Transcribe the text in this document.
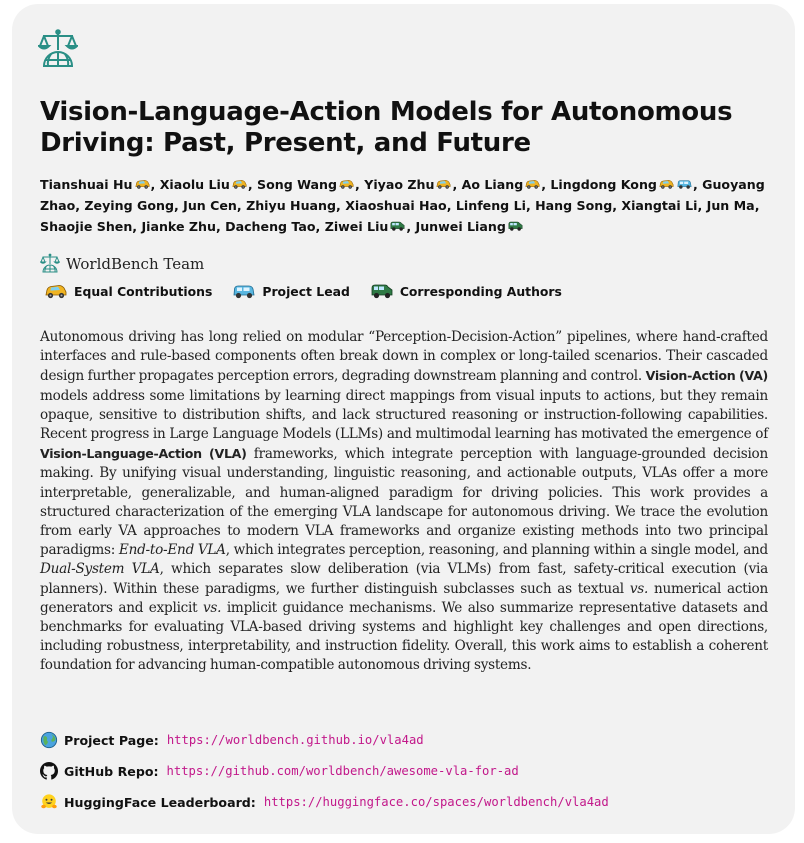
Vision-Language-Action Models for Autonomous Driving: Past, Present, and Future
Tianshuai Hu , Xiaolu Liu , Song Wang , Yiyao Zhu , Ao Liang , Lingdong Kong	, Guoyang Zhao, Zeying Gong, Jun Cen, Zhiyu Huang, Xiaoshuai Hao, Linfeng Li, Hang Song, Xiangtai Li, Jun Ma, Shaojie Shen, Jianke Zhu, Dacheng Tao, Ziwei Liu , Junwei Liang
WorldBench Team
Equal Contributions	Project Lead	Corresponding Authors

Autonomous driving has long relied on modular “Perception-Decision-Action” pipelines, where hand-crafted interfaces and rule-based components often break down in complex or long-tailed scenarios. Their cascaded design further propagates perception errors, degrading downstream planning and control. Vision-Action (VA) models address some limitations by learning direct mappings from visual inputs to actions, but they remain opaque, sensitive to distribution shifts, and lack structured reasoning or instruction-following capabilities. Recent progress in Large Language Models (LLMs) and multimodal learning has motivated the emergence of Vision-Language-Action (VLA) frameworks, which integrate perception with language-grounded decision making. By unifying visual understanding, linguistic reasoning, and actionable outputs, VLAs offer a more interpretable, generalizable, and human-aligned paradigm for driving policies. This work provides a structured characterization of the emerging VLA landscape for autonomous driving. We trace the evolution from early VA approaches to modern VLA frameworks and organize existing methods into two principal paradigms: End-to-End VLA, which integrates perception, reasoning, and planning within a single model, and Dual-System VLA, which separates slow deliberation (via VLMs) from fast, safety-critical execution (via planners). Within these paradigms, we further distinguish subclasses such as textual vs. numerical action generators and explicit vs. implicit guidance mechanisms. We also summarize representative datasets and benchmarks for evaluating VLA-based driving systems and highlight key challenges and open directions, including robustness, interpretability, and instruction fidelity. Overall, this work aims to establish a coherent foundation for advancing human-compatible autonomous driving systems.

Project Page: https://worldbench.github.io/vla4ad
GitHub Repo: https://github.com/worldbench/awesome-vla-for-ad
HuggingFace Leaderboard: https://huggingface.co/spaces/worldbench/vla4ad
